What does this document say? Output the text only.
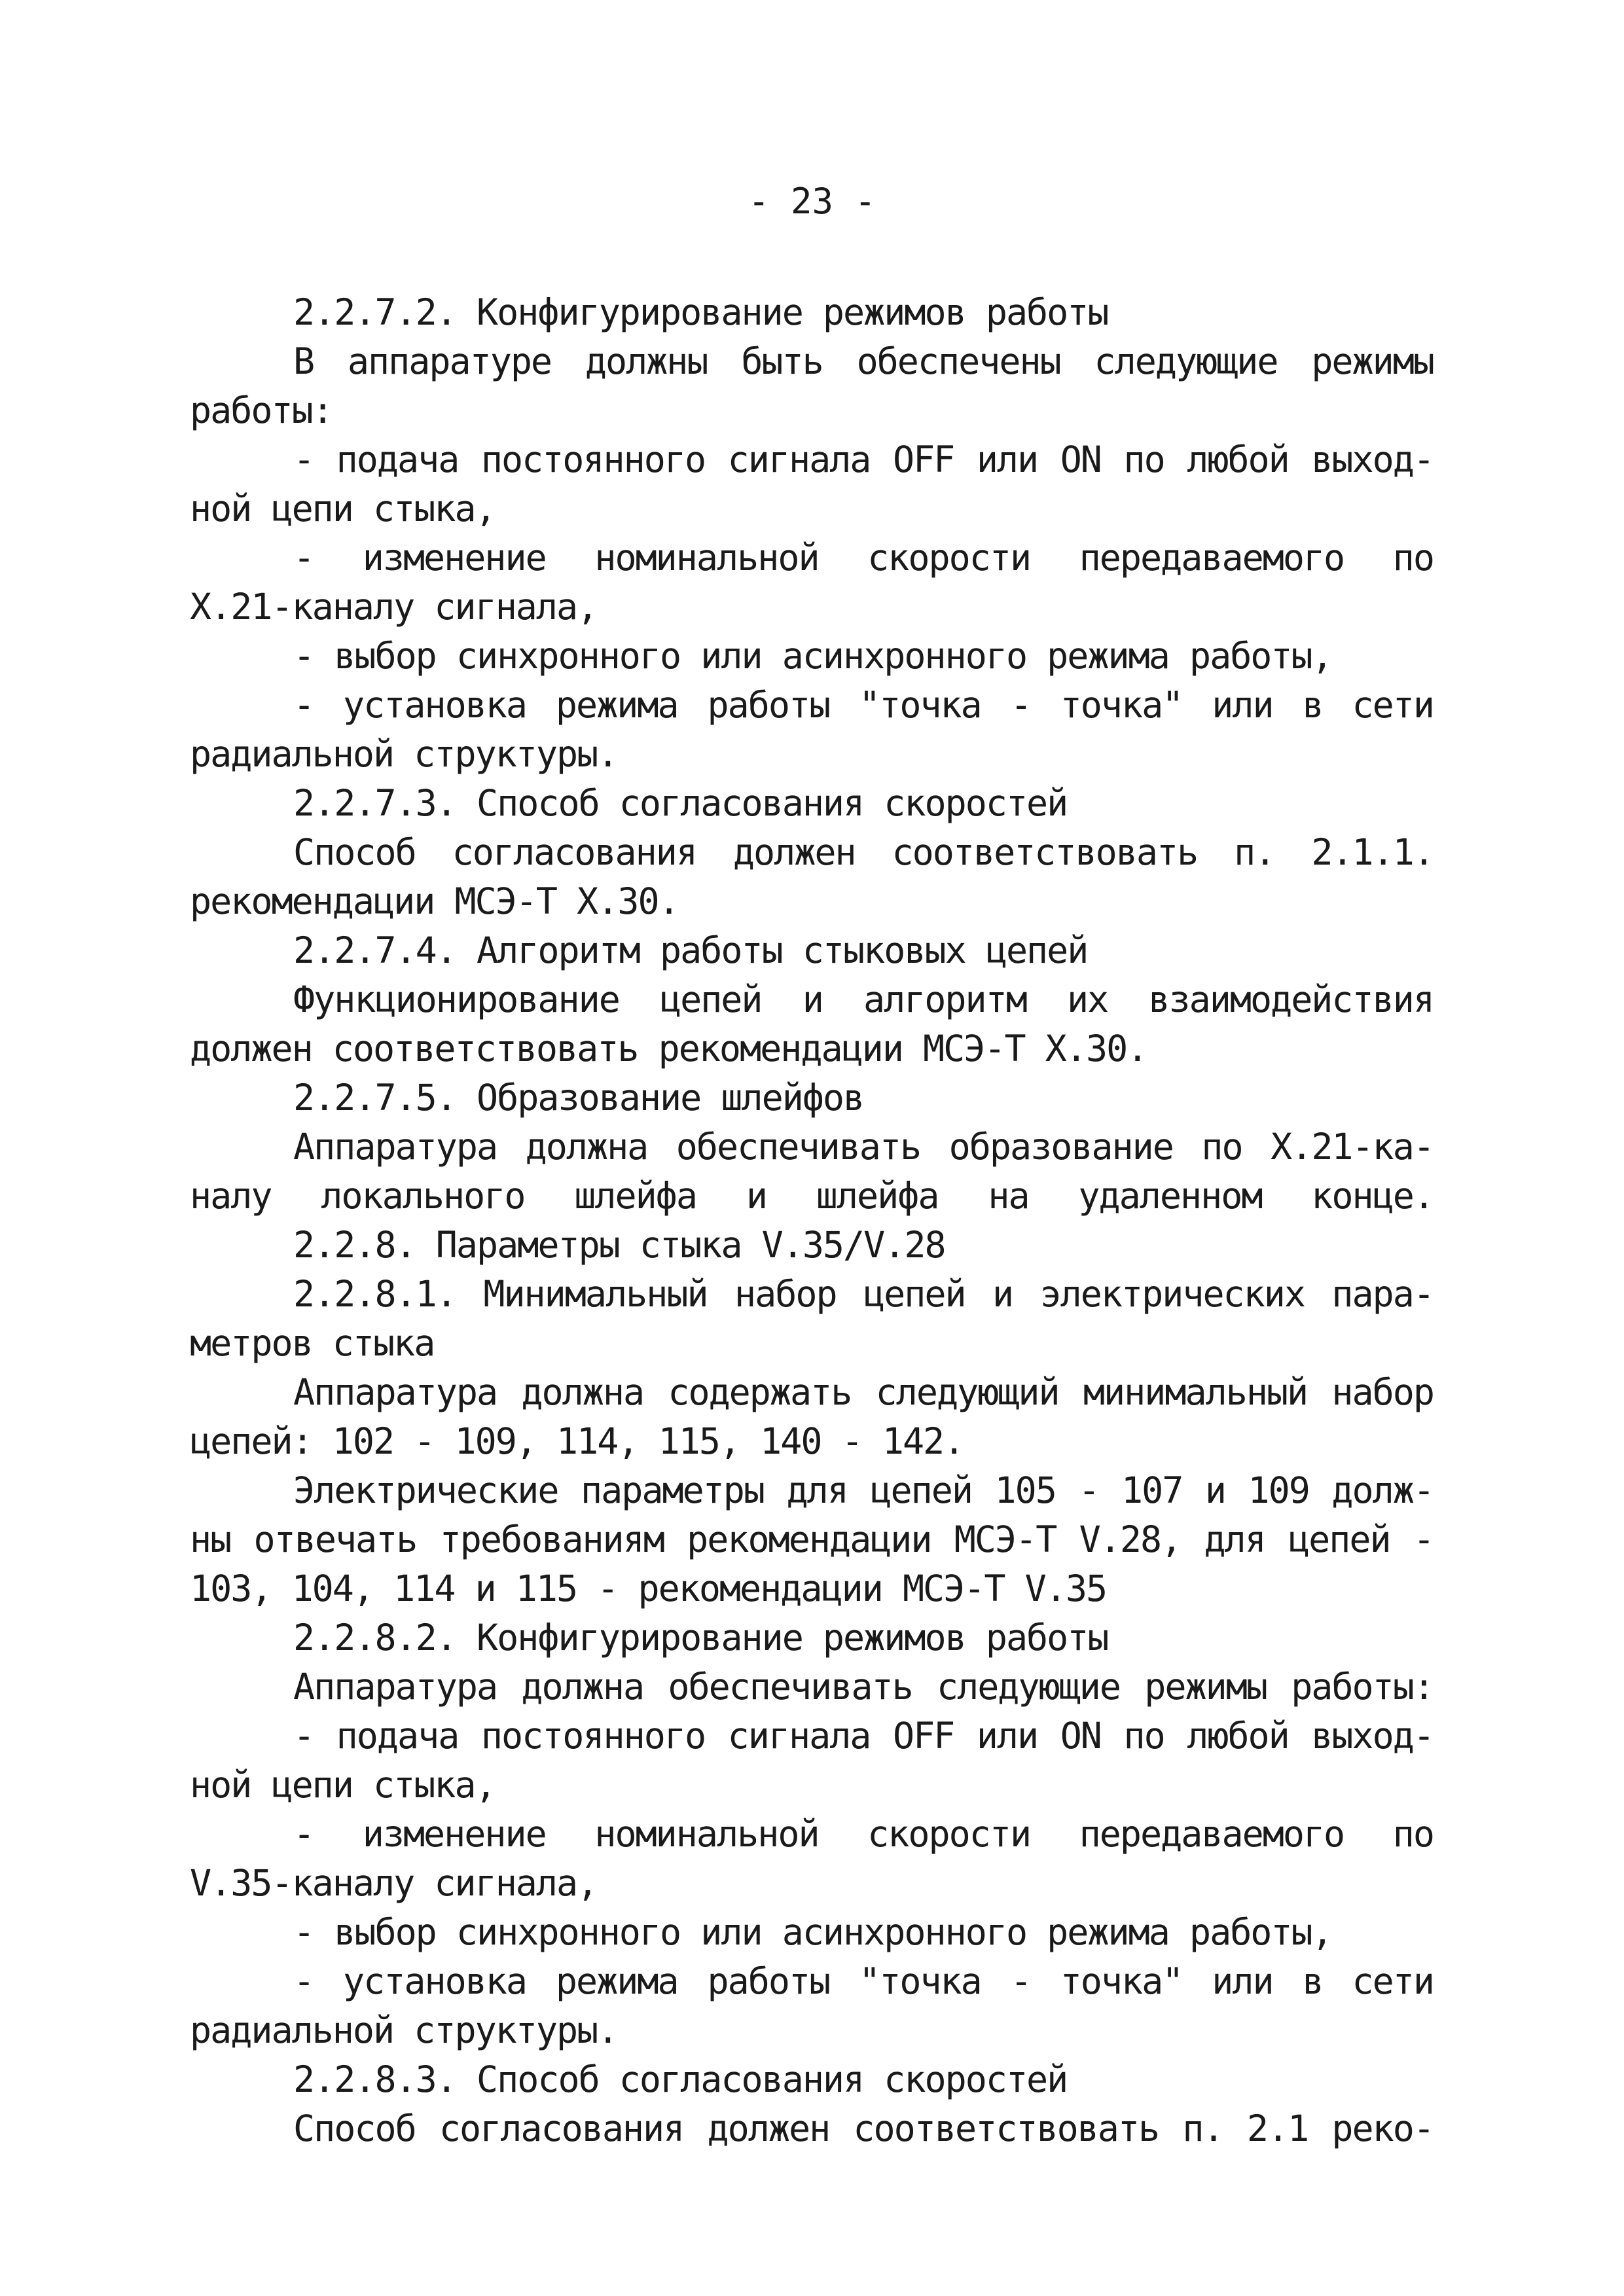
- 23 -
2.2.7.2. Конфигурирование режимов работы
В аппаратуре должны быть обеспечены следующие режимы
работы:
- подача постоянного сигнала OFF или ON по любой выход-
ной цепи стыка,
- изменение номинальной скорости передаваемого по
X.21-каналу сигнала,
- выбор синхронного или асинхронного режима работы,
- установка режима работы "точка - точка" или в сети
радиальной структуры.
2.2.7.3. Способ согласования скоростей
Способ согласования должен соответствовать п. 2.1.1.
рекомендации МСЭ-Т X.30.
2.2.7.4. Алгоритм работы стыковых цепей
Функционирование цепей и алгоритм их взаимодействия
должен соответствовать рекомендации МСЭ-Т X.30.
2.2.7.5. Образование шлейфов
Аппаратура должна обеспечивать образование по X.21-ка-
налу локального шлейфа и шлейфа на удаленном конце.
2.2.8. Параметры стыка V.35/V.28
2.2.8.1. Минимальный набор цепей и электрических пара-
метров стыка
Аппаратура должна содержать следующий минимальный набор
цепей: 102 - 109, 114, 115, 140 - 142.
Электрические параметры для цепей 105 - 107 и 109 долж-
ны отвечать требованиям рекомендации МСЭ-Т V.28, для цепей -
103, 104, 114 и 115 - рекомендации МСЭ-Т V.35
2.2.8.2. Конфигурирование режимов работы
Аппаратура должна обеспечивать следующие режимы работы:
- подача постоянного сигнала OFF или ON по любой выход-
ной цепи стыка,
- изменение номинальной скорости передаваемого по
V.35-каналу сигнала,
- выбор синхронного или асинхронного режима работы,
- установка режима работы "точка - точка" или в сети
радиальной структуры.
2.2.8.3. Способ согласования скоростей
Способ согласования должен соответствовать п. 2.1 реко-
